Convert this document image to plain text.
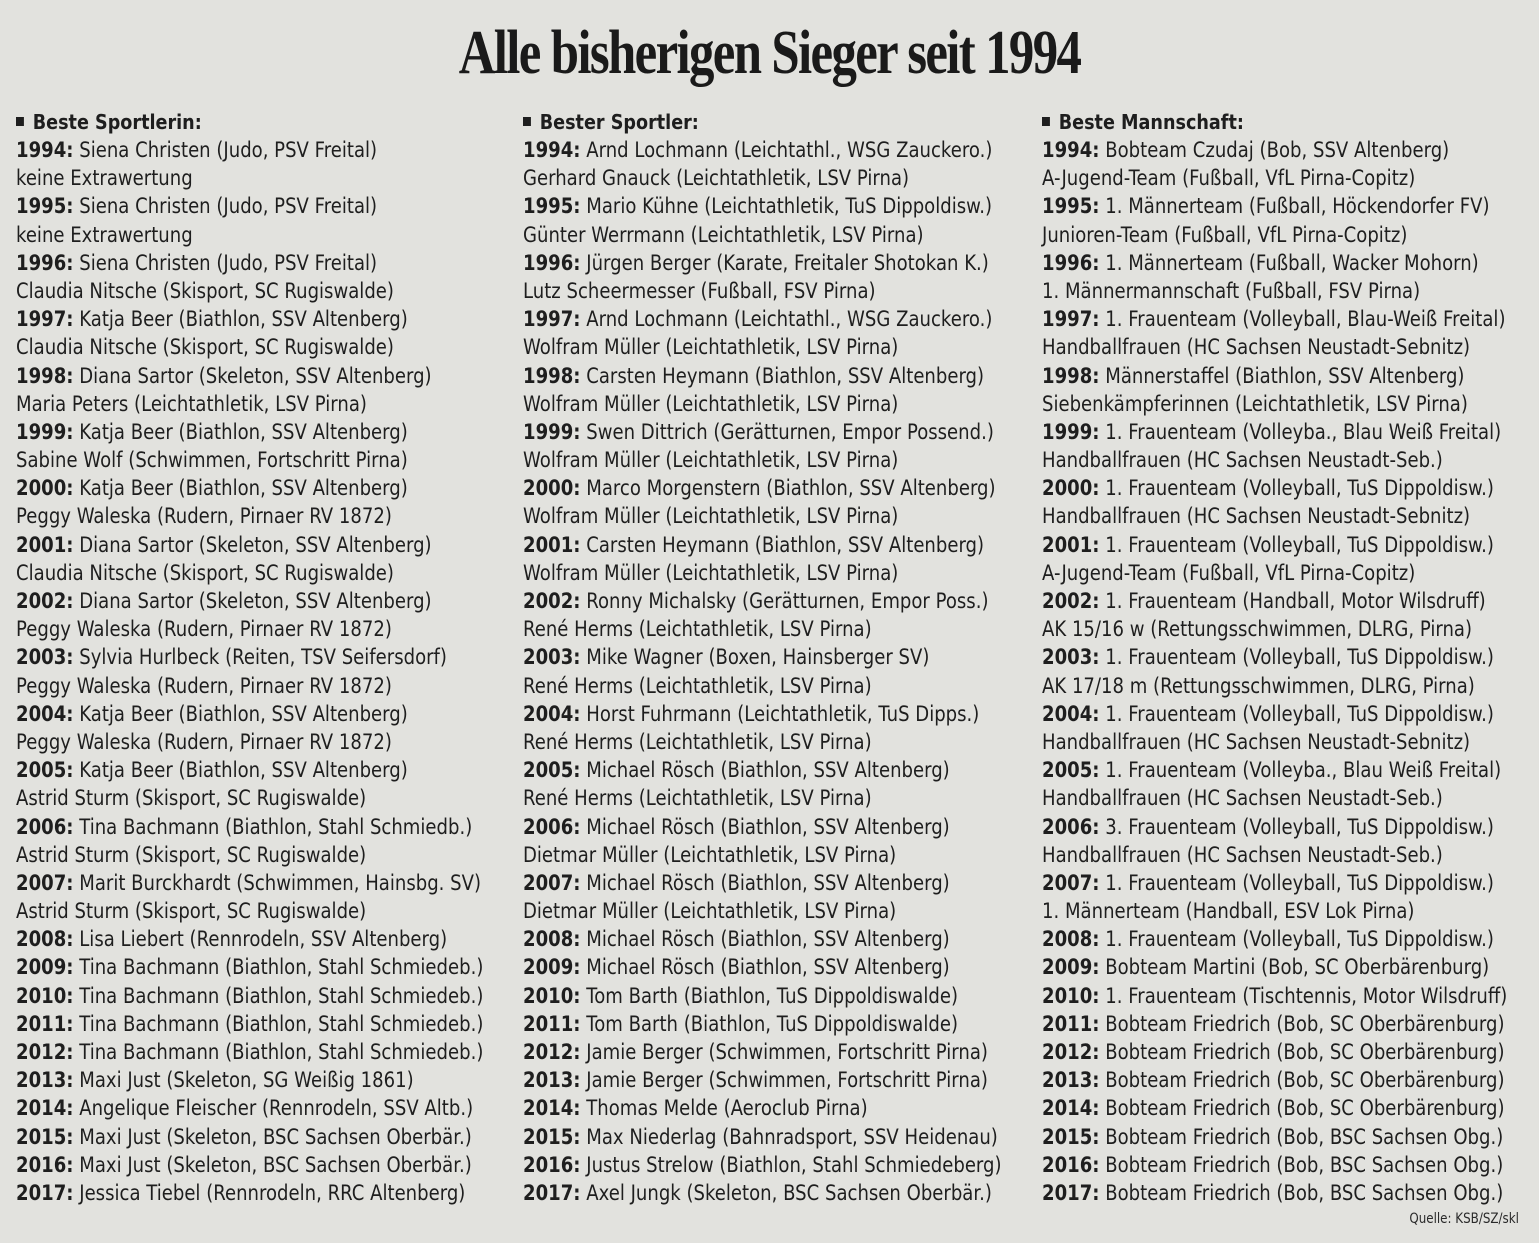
Alle bisherigen Sieger seit 1994
Beste Sportlerin:
1994: Siena Christen (Judo, PSV Freital)
keine Extrawertung
1995: Siena Christen (Judo, PSV Freital)
keine Extrawertung
1996: Siena Christen (Judo, PSV Freital)
Claudia Nitsche (Skisport, SC Rugiswalde)
1997: Katja Beer (Biathlon, SSV Altenberg)
Claudia Nitsche (Skisport, SC Rugiswalde)
1998: Diana Sartor (Skeleton, SSV Altenberg)
Maria Peters (Leichtathletik, LSV Pirna)
1999: Katja Beer (Biathlon, SSV Altenberg)
Sabine Wolf (Schwimmen, Fortschritt Pirna)
2000: Katja Beer (Biathlon, SSV Altenberg)
Peggy Waleska (Rudern, Pirnaer RV 1872)
2001: Diana Sartor (Skeleton, SSV Altenberg)
Claudia Nitsche (Skisport, SC Rugiswalde)
2002: Diana Sartor (Skeleton, SSV Altenberg)
Peggy Waleska (Rudern, Pirnaer RV 1872)
2003: Sylvia Hurlbeck (Reiten, TSV Seifersdorf)
Peggy Waleska (Rudern, Pirnaer RV 1872)
2004: Katja Beer (Biathlon, SSV Altenberg)
Peggy Waleska (Rudern, Pirnaer RV 1872)
2005: Katja Beer (Biathlon, SSV Altenberg)
Astrid Sturm (Skisport, SC Rugiswalde)
2006: Tina Bachmann (Biathlon, Stahl Schmiedb.)
Astrid Sturm (Skisport, SC Rugiswalde)
2007: Marit Burckhardt (Schwimmen, Hainsbg. SV)
Astrid Sturm (Skisport, SC Rugiswalde)
2008: Lisa Liebert (Rennrodeln, SSV Altenberg)
2009: Tina Bachmann (Biathlon, Stahl Schmiedeb.)
2010: Tina Bachmann (Biathlon, Stahl Schmiedeb.)
2011: Tina Bachmann (Biathlon, Stahl Schmiedeb.)
2012: Tina Bachmann (Biathlon, Stahl Schmiedeb.)
2013: Maxi Just (Skeleton, SG Weißig 1861)
2014: Angelique Fleischer (Rennrodeln, SSV Altb.)
2015: Maxi Just (Skeleton, BSC Sachsen Oberbär.)
2016: Maxi Just (Skeleton, BSC Sachsen Oberbär.)
2017: Jessica Tiebel (Rennrodeln, RRC Altenberg)
Bester Sportler:
1994: Arnd Lochmann (Leichtathl., WSG Zauckero.)
Gerhard Gnauck (Leichtathletik, LSV Pirna)
1995: Mario Kühne (Leichtathletik, TuS Dippoldisw.)
Günter Werrmann (Leichtathletik, LSV Pirna)
1996: Jürgen Berger (Karate, Freitaler Shotokan K.)
Lutz Scheermesser (Fußball, FSV Pirna)
1997: Arnd Lochmann (Leichtathl., WSG Zauckero.)
Wolfram Müller (Leichtathletik, LSV Pirna)
1998: Carsten Heymann (Biathlon, SSV Altenberg)
Wolfram Müller (Leichtathletik, LSV Pirna)
1999: Swen Dittrich (Gerätturnen, Empor Possend.)
Wolfram Müller (Leichtathletik, LSV Pirna)
2000: Marco Morgenstern (Biathlon, SSV Altenberg)
Wolfram Müller (Leichtathletik, LSV Pirna)
2001: Carsten Heymann (Biathlon, SSV Altenberg)
Wolfram Müller (Leichtathletik, LSV Pirna)
2002: Ronny Michalsky (Gerätturnen, Empor Poss.)
René Herms (Leichtathletik, LSV Pirna)
2003: Mike Wagner (Boxen, Hainsberger SV)
René Herms (Leichtathletik, LSV Pirna)
2004: Horst Fuhrmann (Leichtathletik, TuS Dipps.)
René Herms (Leichtathletik, LSV Pirna)
2005: Michael Rösch (Biathlon, SSV Altenberg)
René Herms (Leichtathletik, LSV Pirna)
2006: Michael Rösch (Biathlon, SSV Altenberg)
Dietmar Müller (Leichtathletik, LSV Pirna)
2007: Michael Rösch (Biathlon, SSV Altenberg)
Dietmar Müller (Leichtathletik, LSV Pirna)
2008: Michael Rösch (Biathlon, SSV Altenberg)
2009: Michael Rösch (Biathlon, SSV Altenberg)
2010: Tom Barth (Biathlon, TuS Dippoldiswalde)
2011: Tom Barth (Biathlon, TuS Dippoldiswalde)
2012: Jamie Berger (Schwimmen, Fortschritt Pirna)
2013: Jamie Berger (Schwimmen, Fortschritt Pirna)
2014: Thomas Melde (Aeroclub Pirna)
2015: Max Niederlag (Bahnradsport, SSV Heidenau)
2016: Justus Strelow (Biathlon, Stahl Schmiedeberg)
2017: Axel Jungk (Skeleton, BSC Sachsen Oberbär.)
Beste Mannschaft:
1994: Bobteam Czudaj (Bob, SSV Altenberg)
A-Jugend-Team (Fußball, VfL Pirna-Copitz)
1995: 1. Männerteam (Fußball, Höckendorfer FV)
Junioren-Team (Fußball, VfL Pirna-Copitz)
1996: 1. Männerteam (Fußball, Wacker Mohorn)
1. Männermannschaft (Fußball, FSV Pirna)
1997: 1. Frauenteam (Volleyball, Blau-Weiß Freital)
Handballfrauen (HC Sachsen Neustadt-Sebnitz)
1998: Männerstaffel (Biathlon, SSV Altenberg)
Siebenkämpferinnen (Leichtathletik, LSV Pirna)
1999: 1. Frauenteam (Volleyba., Blau Weiß Freital)
Handballfrauen (HC Sachsen Neustadt-Seb.)
2000: 1. Frauenteam (Volleyball, TuS Dippoldisw.)
Handballfrauen (HC Sachsen Neustadt-Sebnitz)
2001: 1. Frauenteam (Volleyball, TuS Dippoldisw.)
A-Jugend-Team (Fußball, VfL Pirna-Copitz)
2002: 1. Frauenteam (Handball, Motor Wilsdruff)
AK 15/16 w (Rettungsschwimmen, DLRG, Pirna)
2003: 1. Frauenteam (Volleyball, TuS Dippoldisw.)
AK 17/18 m (Rettungsschwimmen, DLRG, Pirna)
2004: 1. Frauenteam (Volleyball, TuS Dippoldisw.)
Handballfrauen (HC Sachsen Neustadt-Sebnitz)
2005: 1. Frauenteam (Volleyba., Blau Weiß Freital)
Handballfrauen (HC Sachsen Neustadt-Seb.)
2006: 3. Frauenteam (Volleyball, TuS Dippoldisw.)
Handballfrauen (HC Sachsen Neustadt-Seb.)
2007: 1. Frauenteam (Volleyball, TuS Dippoldisw.)
1. Männerteam (Handball, ESV Lok Pirna)
2008: 1. Frauenteam (Volleyball, TuS Dippoldisw.)
2009: Bobteam Martini (Bob, SC Oberbärenburg)
2010: 1. Frauenteam (Tischtennis, Motor Wilsdruff)
2011: Bobteam Friedrich (Bob, SC Oberbärenburg)
2012: Bobteam Friedrich (Bob, SC Oberbärenburg)
2013: Bobteam Friedrich (Bob, SC Oberbärenburg)
2014: Bobteam Friedrich (Bob, SC Oberbärenburg)
2015: Bobteam Friedrich (Bob, BSC Sachsen Obg.)
2016: Bobteam Friedrich (Bob, BSC Sachsen Obg.)
2017: Bobteam Friedrich (Bob, BSC Sachsen Obg.)
Quelle: KSB/SZ/skl
